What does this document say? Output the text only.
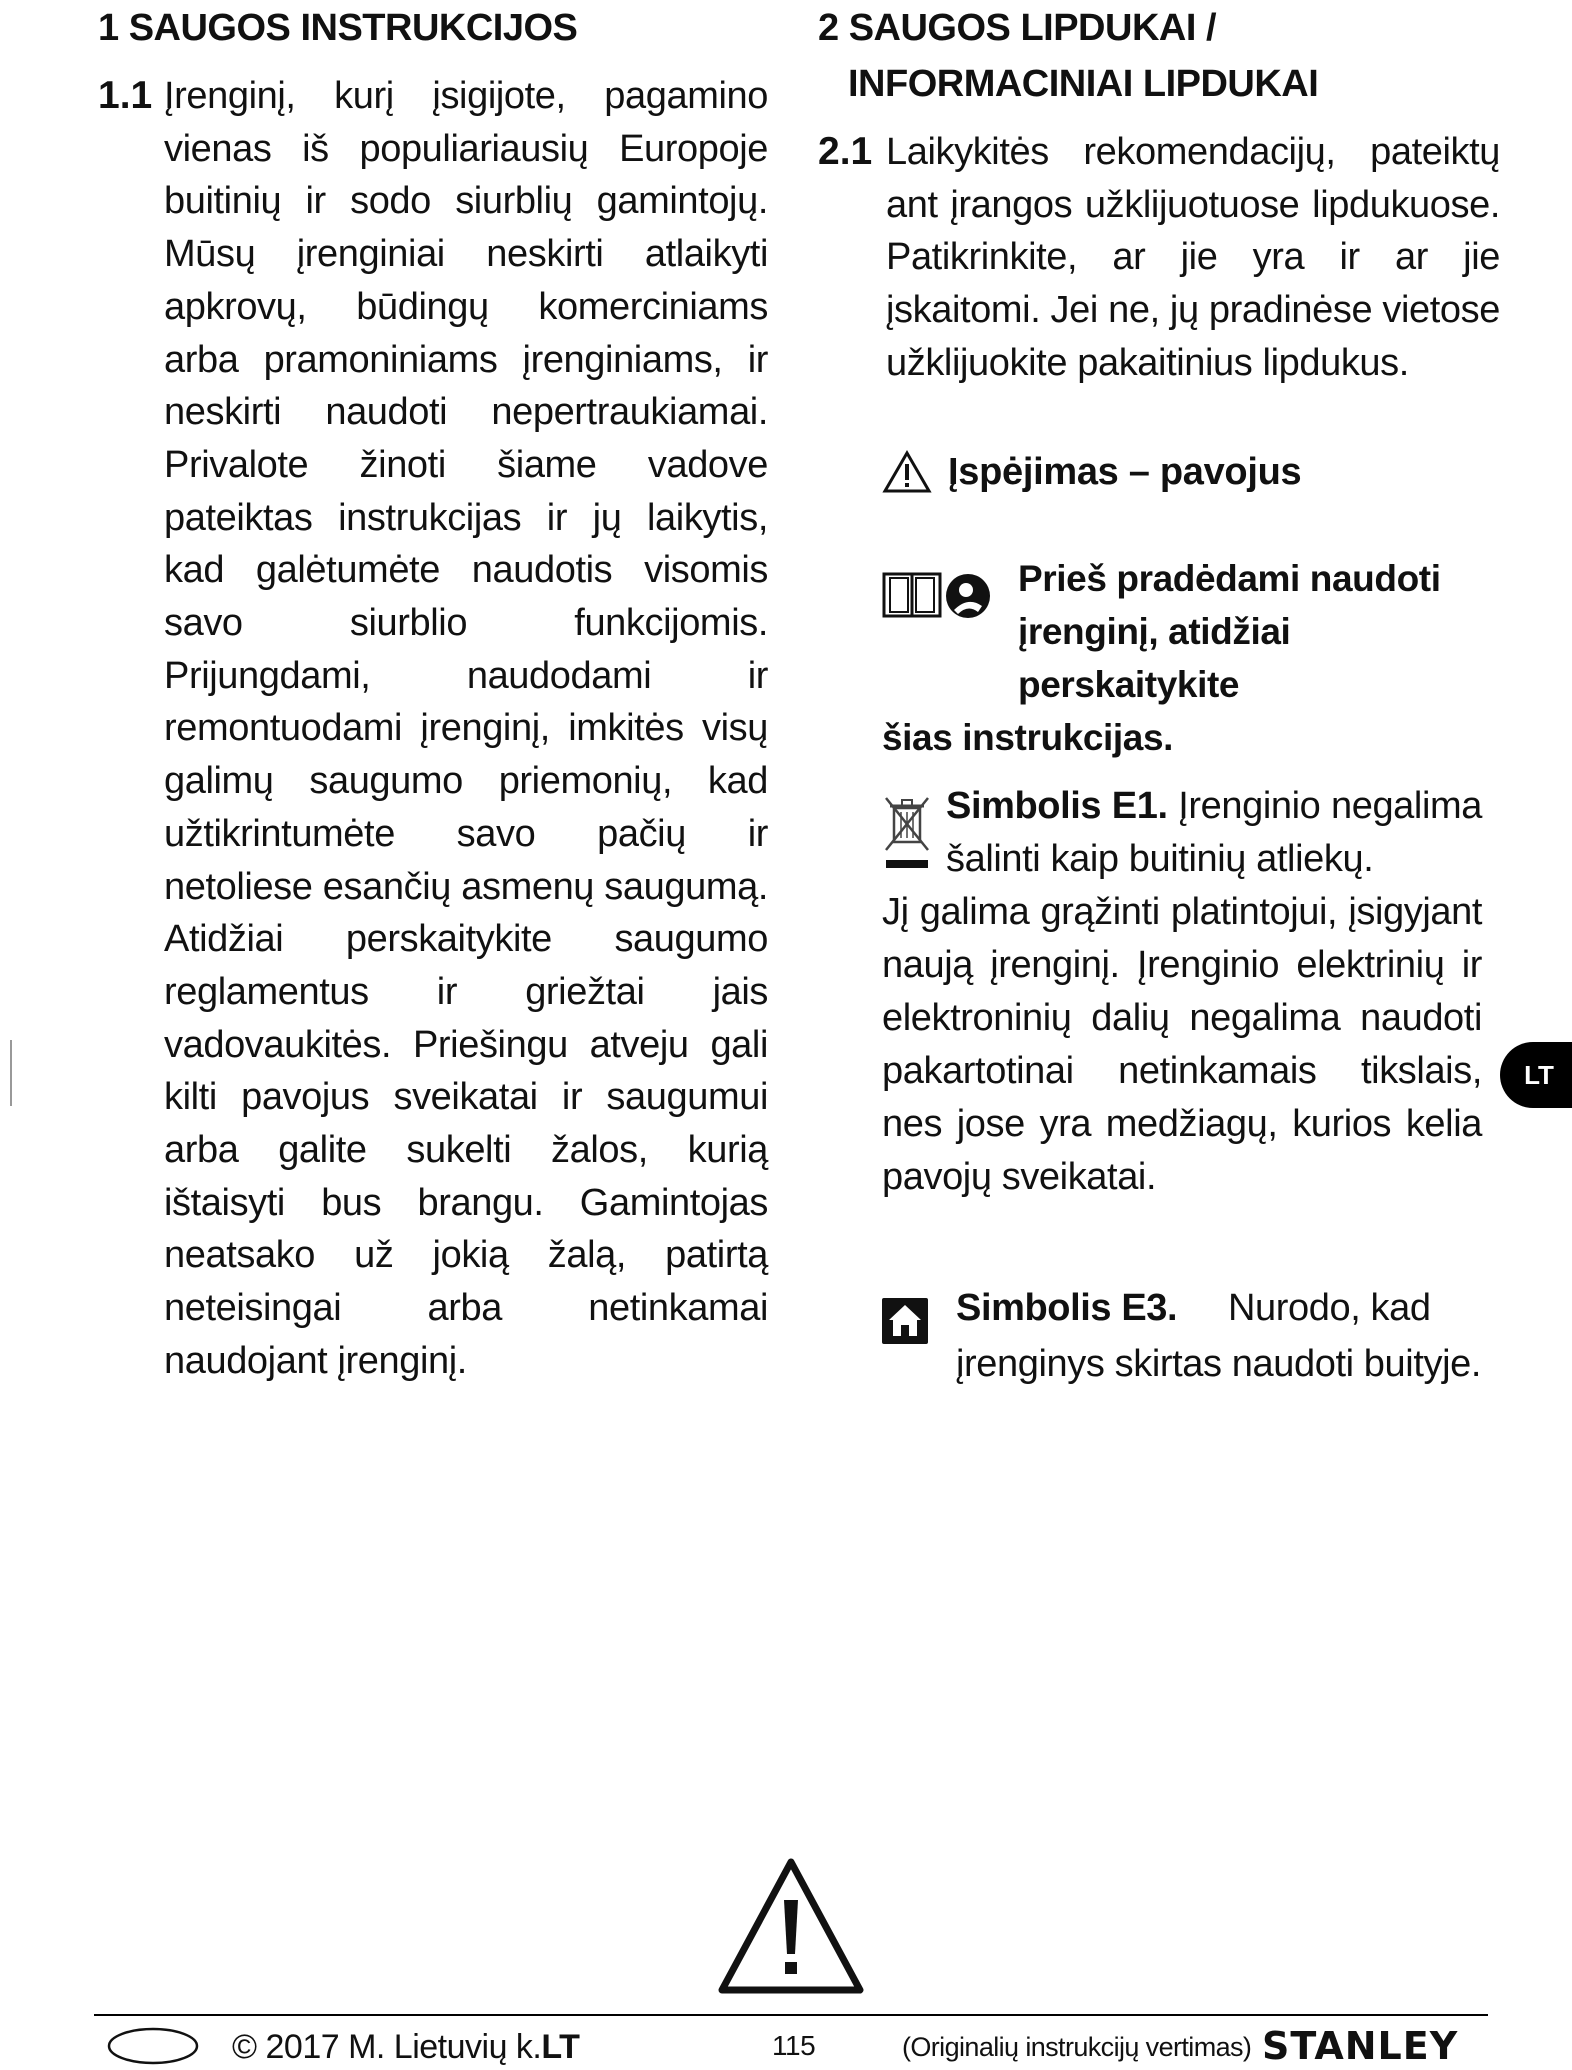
1 SAUGOS INSTRUKCIJOS
1.1 Įrenginį, kurį įsigijote, pagamino vienas iš populiariausių Europoje buitinių ir sodo siurblių gamintojų. Mūsų įrenginiai neskirti atlaikyti apkrovų, būdingų komerciniams arba pramoniniams įrenginiams, ir neskirti naudoti nepertraukiamai. Privalote žinoti šiame vadove pateiktas instrukcijas ir jų laikytis, kad galėtumėte naudotis visomis savo siurblio funkcijomis. Prijungdami, naudodami ir remontuodami įrenginį, imkitės visų galimų saugumo priemonių, kad užtikrintumėte savo pačių ir netoliese esančių asmenų saugumą. Atidžiai perskaitykite saugumo reglamentus ir griežtai jais vadovaukitės. Priešingu atveju gali kilti pavojus sveikatai ir saugumui arba galite sukelti žalos, kurią ištaisyti bus brangu. Gamintojas neatsako už jokią žalą, patirtą neteisingai arba netinkamai naudojant įrenginį.
2 SAUGOS LIPDUKAI /
INFORMACINIAI LIPDUKAI
2.1 Laikykitės rekomendacijų, pateiktų ant įrangos užklijuotuose lipdukuose. Patikrinkite, ar jie yra ir ar jie įskaitomi. Jei ne, jų pradinėse vietose užklijuokite pakaitinius lipdukus.
Įspėjimas – pavojus
Prieš pradėdami naudoti
įrenginį, atidžiai perskaitykite
šias instrukcijas.
Simbolis E1. Įrenginio negalima šalinti kaip buitinių atliekų.
Jį galima grąžinti platintojui, įsigyjant naują įrenginį. Įrenginio elektrinių ir elektroninių dalių negalima naudoti pakartotinai netinkamais tikslais, nes jose yra medžiagų, kurios kelia pavojų sveikatai.
Simbolis E3. Nurodo, kad įrenginys skirtas naudoti buityje.
LT
© 2017 M. Lietuvių k.LT	115	(Originalių instrukcijų vertimas) STANLEY
